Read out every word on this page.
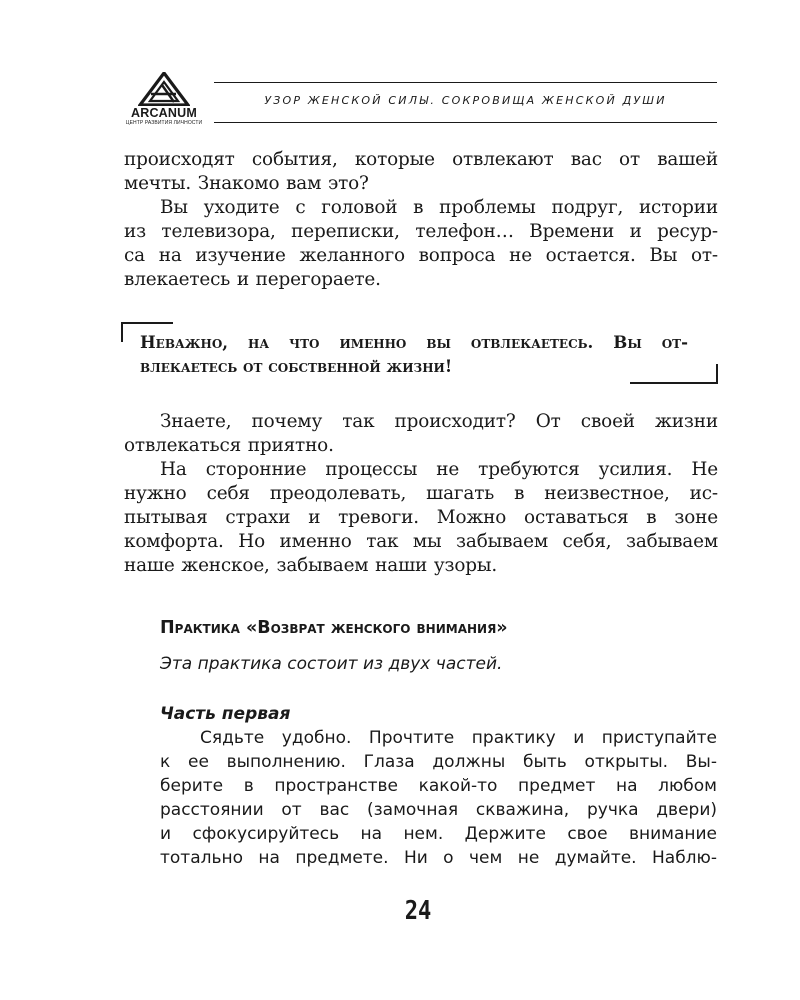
ARCANUM
ЦЕНТР РАЗВИТИЯ ЛИЧНОСТИ
УЗОР ЖЕНСКОЙ СИЛЫ. СОКРОВИЩА ЖЕНСКОЙ ДУШИ
происходят события, которые отвлекают вас от вашей
мечты. Знакомо вам это?
Вы уходите с головой в проблемы подруг, истории
из телевизора, переписки, телефон… Времени и ресур-
са на изучение желанного вопроса не остается. Вы от-
влекаетесь и перегораете.
Неважно, на что именно вы отвлекаетесь. Вы от-
влекаетесь от собственной жизни!
Знаете, почему так происходит? От своей жизни
отвлекаться приятно.
На сторонние процессы не требуются усилия. Не
нужно себя преодолевать, шагать в неизвестное, ис-
пытывая страхи и тревоги. Можно оставаться в зоне
комфорта. Но именно так мы забываем себя, забываем
наше женское, забываем наши узоры.
Практика «Возврат женского внимания»
Эта практика состоит из двух частей.
Часть первая
Сядьте удобно. Прочтите практику и приступайте
к ее выполнению. Глаза должны быть открыты. Вы-
берите в пространстве какой-то предмет на любом
расстоянии от вас (замочная скважина, ручка двери)
и сфокусируйтесь на нем. Держите свое внимание
тотально на предмете. Ни о чем не думайте. Наблю-
24
